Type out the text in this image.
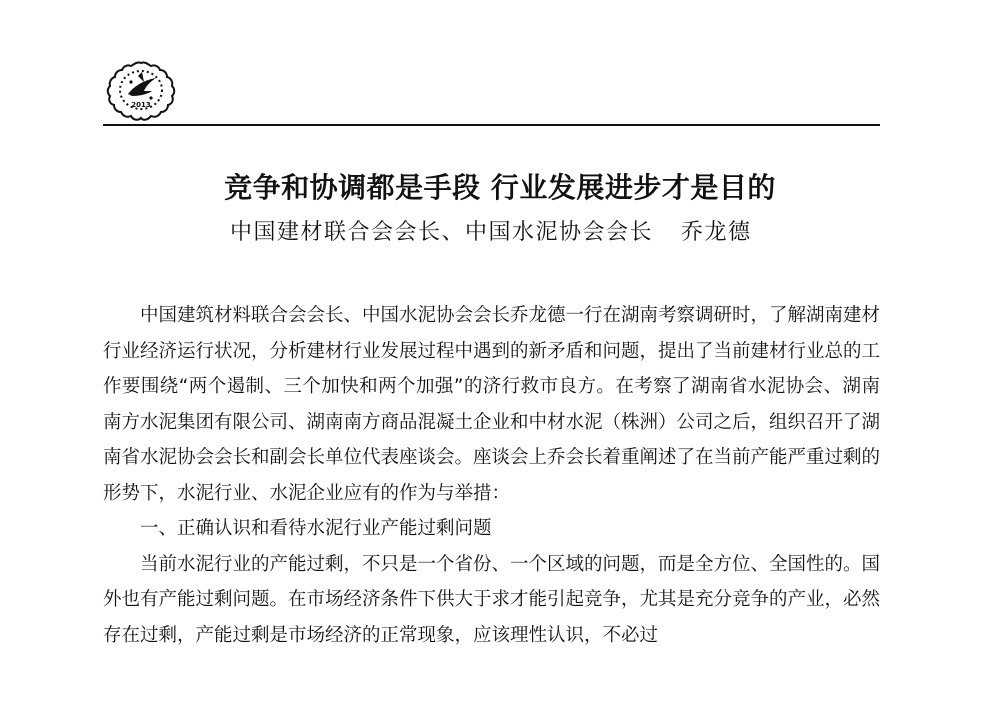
2013
竞争和协调都是手段 行业发展进步才是目的
中国建材联合会会长、中国水泥协会会长 乔龙德

中国建筑材料联合会会长、中国水泥协会会长乔龙德一行在湖南考察调研时，了解湖南建材行业经济运行状况，分析建材行业发展过程中遇到的新矛盾和问题，提出了当前建材行业总的工作要围绕“两个遏制、三个加快和两个加强”的济行救市良方。在考察了湖南省水泥协会、湖南南方水泥集团有限公司、湖南南方商品混凝土企业和中材水泥（株洲）公司之后，组织召开了湖南省水泥协会会长和副会长单位代表座谈会。座谈会上乔会长着重阐述了在当前产能严重过剩的形势下，水泥行业、水泥企业应有的作为与举措：

一、正确认识和看待水泥行业产能过剩问题

当前水泥行业的产能过剩，不只是一个省份、一个区域的问题，而是全方位、全国性的。国外也有产能过剩问题。在市场经济条件下供大于求才能引起竞争，尤其是充分竞争的产业，必然存在过剩，产能过剩是市场经济的正常现象，应该理性认识，不必过
